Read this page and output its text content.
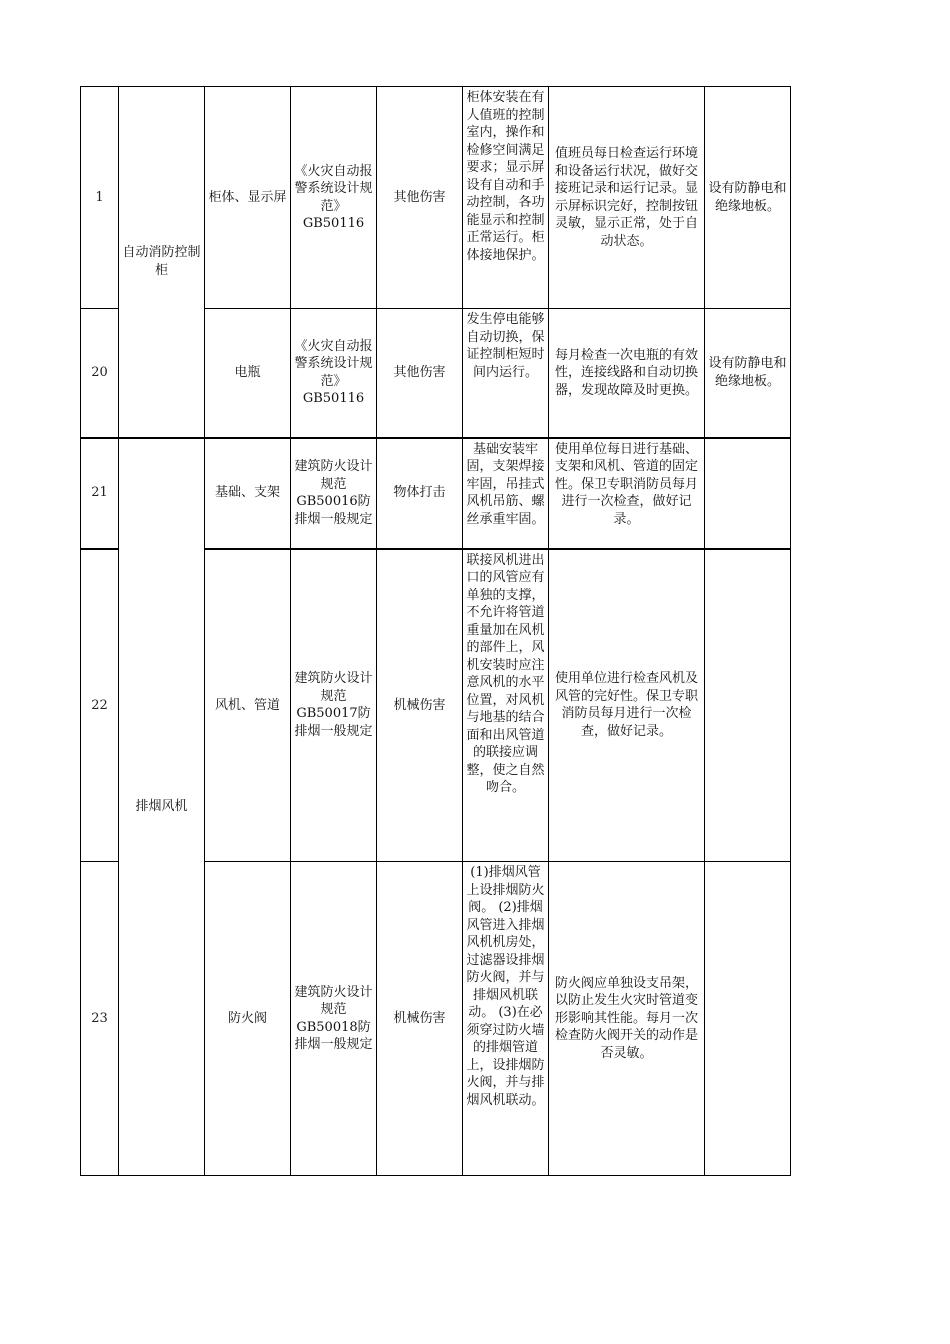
1	自动消防控制柜	柜体、显示屏	《火灾自动报警系统设计规范》GB50116	其他伤害	柜体安装在有人值班的控制室内，操作和检修空间满足要求；显示屏设有自动和手动控制，各功能显示和控制正常运行。柜体接地保护。	值班员每日检查运行环境和设备运行状况，做好交接班记录和运行记录。显示屏标识完好，控制按钮灵敏，显示正常，处于自动状态。	设有防静电和绝缘地板。
20		电瓶	《火灾自动报警系统设计规范》GB50116	其他伤害	发生停电能够自动切换，保证控制柜短时间内运行。	每月检查一次电瓶的有效性，连接线路和自动切换器，发现故障及时更换。	设有防静电和绝缘地板。
21	排烟风机	基础、支架	建筑防火设计规范GB50016防排烟一般规定	物体打击	基础安装牢固，支架焊接牢固，吊挂式风机吊筋、螺丝承重牢固。	使用单位每日进行基础、支架和风机、管道的固定性。保卫专职消防员每月进行一次检查，做好记录。	
22		风机、管道	建筑防火设计规范GB50017防排烟一般规定	机械伤害	联接风机进出口的风管应有单独的支撑，不允许将管道重量加在风机的部件上，风机安装时应注意风机的水平位置，对风机与地基的结合面和出风管道的联接应调整，使之自然吻合。	使用单位进行检查风机及风管的完好性。保卫专职消防员每月进行一次检查，做好记录。	
23		防火阀	建筑防火设计规范GB50018防排烟一般规定	机械伤害	(1)排烟风管上设排烟防火阀。 (2)排烟风管进入排烟风机机房处，过滤器设排烟防火阀，并与排烟风机联动。 (3)在必须穿过防火墙的排烟管道上，设排烟防火阀，并与排烟风机联动。	防火阀应单独设支吊架，以防止发生火灾时管道变形影响其性能。每月一次检查防火阀开关的动作是否灵敏。	
